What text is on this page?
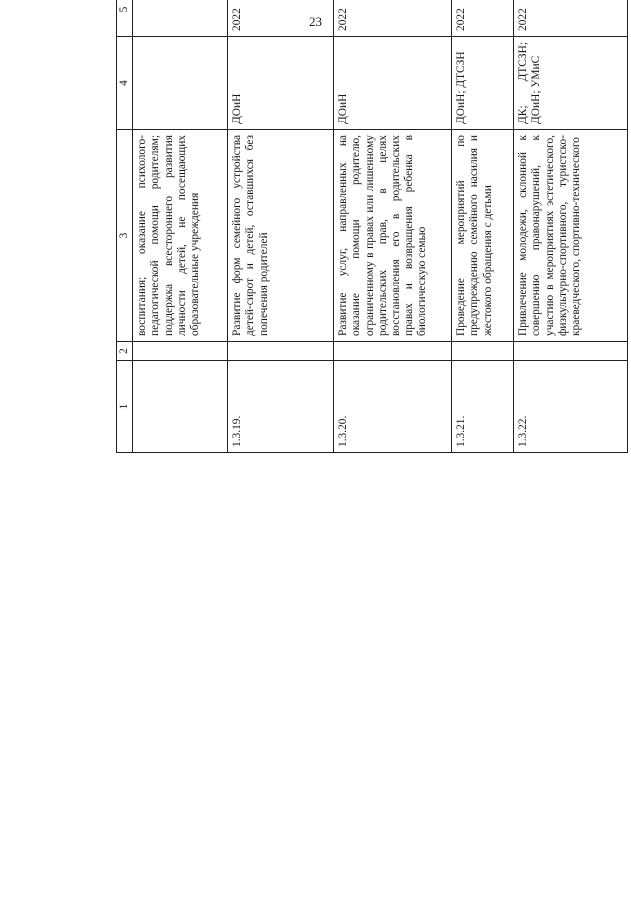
23
1	2	3	4	5			
		воспитания; оказание психолого-педагогической помощи родителям; поддержка всестороннего развития личности детей, не посещающих образовательные учреждения					
1.3.19.		Развитие форм семейного устройства детей-сирот и детей, оставшихся без попечения родителей	ДОиН	2022			
1.3.20.		Развитие услуг, направленных на оказание помощи родителю, ограниченному в правах или лишенному родительских прав, в целях восстановления его в родительских правах и возвращения ребенка в биологическую семью	ДОиН	2022			
1.3.21.		Проведение мероприятий по предупреждению семейного насилия и жестокого обращения с детьми	ДОиН; ДТСЗН	2022			
1.3.22.		Привлечение молодежи, склонной к совершению правонарушений, к участию в мероприятиях эстетического, физкультурно-спортивного, туристско-краеведческого, спортивно-технического	ДК; ДТСЗН; ДОиН; УМиС	2022			
